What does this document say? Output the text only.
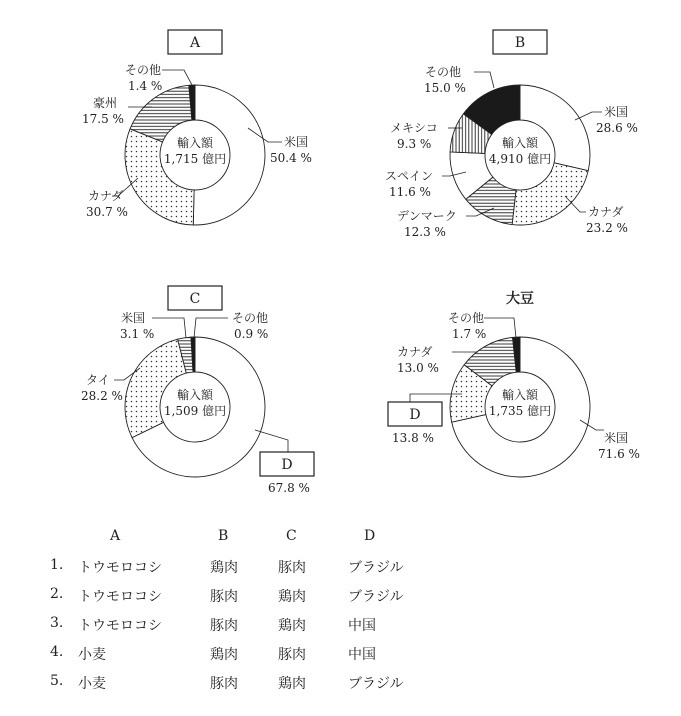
A
輸入額
1,715 億円
米国
50.4 %
カナダ
30.7 %
豪州
17.5 %
その他
1.4 %
B
輸入額
4,910 億円
米国
28.6 %
カナダ
23.2 %
デンマーク
12.3 %
スペイン
11.6 %
メキシコ
9.3 %
その他
15.0 %
C
輸入額
1,509 億円
D
67.8 %
タイ
28.2 %
米国
3.1 %
その他
0.9 %
大豆
輸入額
1,735 億円
米国
71.6 %
D
13.8 %
カナダ
13.0 %
その他
1.7 %
A	B	C	D
1. トウモロコシ	鶏肉	豚肉	ブラジル
2. トウモロコシ	豚肉	鶏肉	ブラジル
3. トウモロコシ	豚肉	鶏肉	中国
4. 小麦	鶏肉	豚肉	中国
5. 小麦	豚肉	鶏肉	ブラジル
